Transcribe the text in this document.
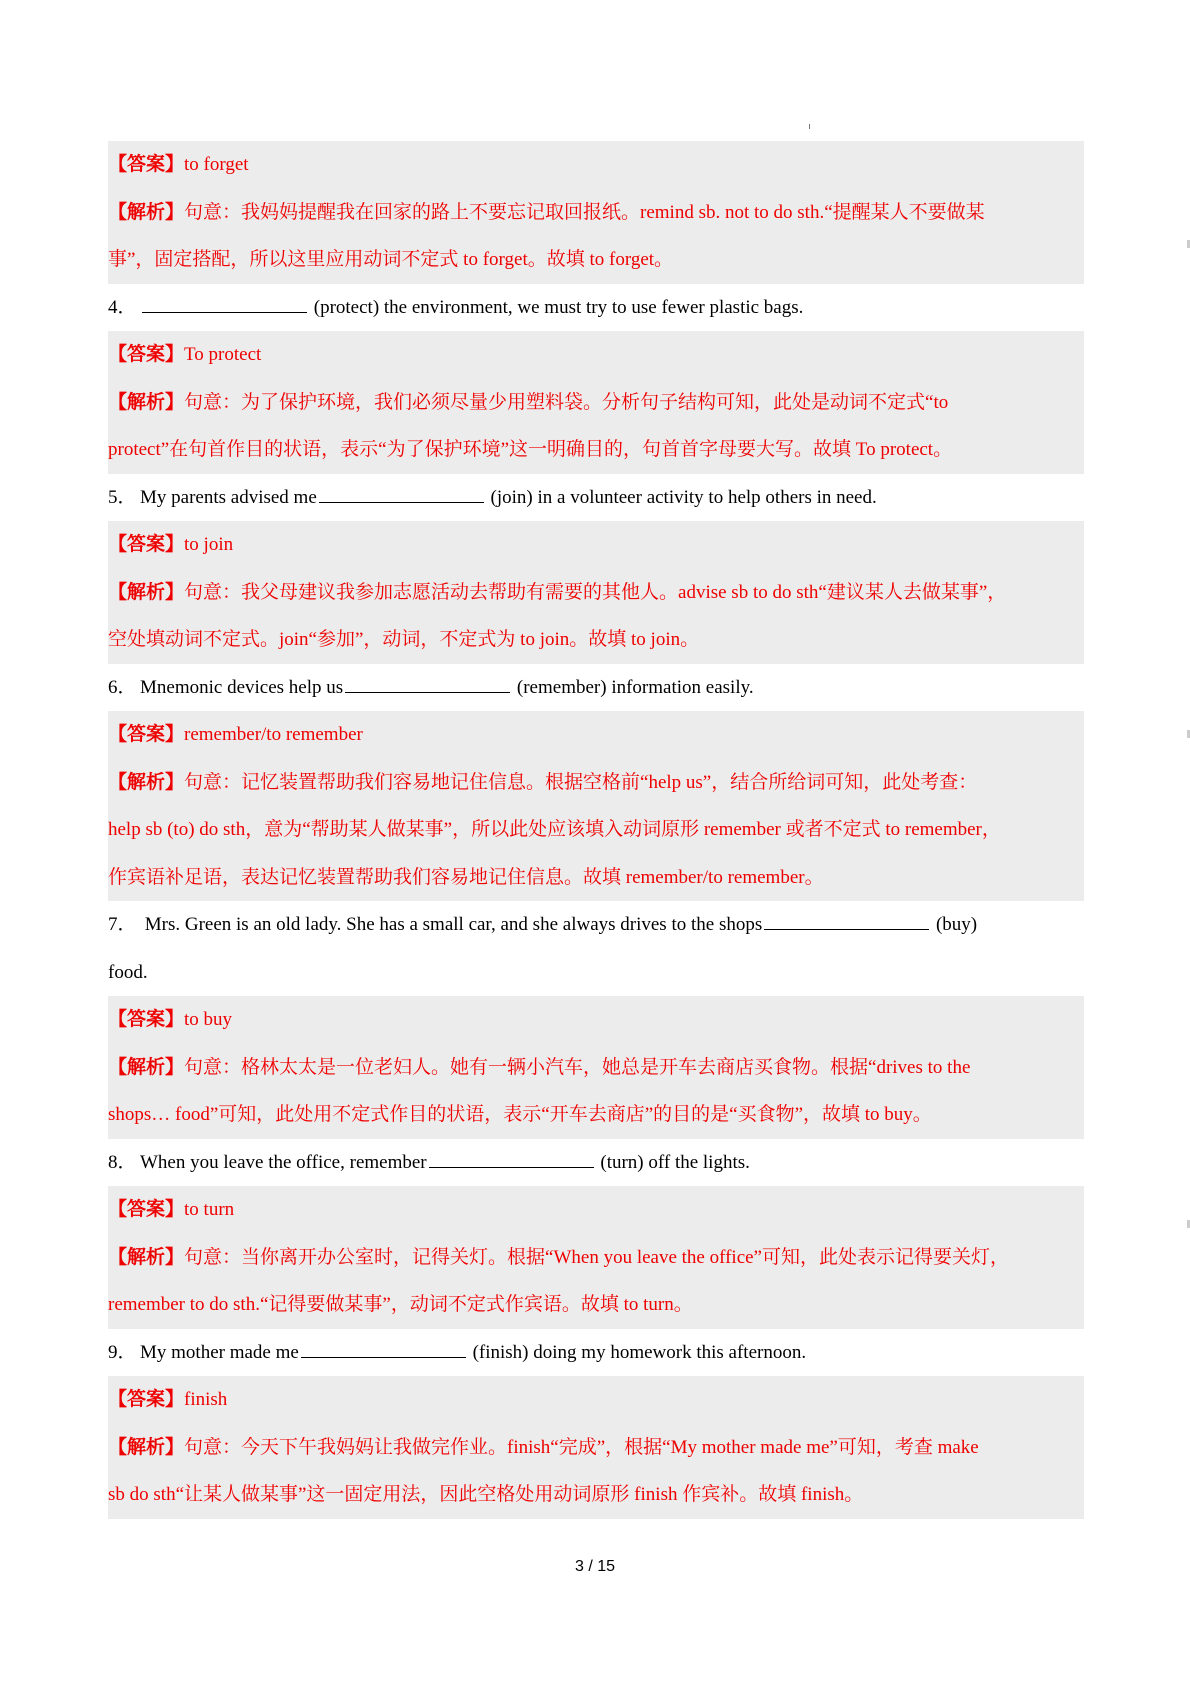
【答案】to forget
【解析】句意：我妈妈提醒我在回家的路上不要忘记取回报纸。remind sb. not to do sth.“提醒某人不要做某
事”，固定搭配，所以这里应用动词不定式 to forget。故填 to forget。
4．	(protect) the environment, we must try to use fewer plastic bags.
【答案】To protect
【解析】句意：为了保护环境，我们必须尽量少用塑料袋。分析句子结构可知，此处是动词不定式“to
protect”在句首作目的状语，表示“为了保护环境”这一明确目的，句首首字母要大写。故填 To protect。
5． My parents advised me	(join) in a volunteer activity to help others in need.
【答案】to join
【解析】句意：我父母建议我参加志愿活动去帮助有需要的其他人。advise sb to do sth“建议某人去做某事”，
空处填动词不定式。join“参加”，动词，不定式为 to join。故填 to join。
6． Mnemonic devices help us	(remember) information easily.
【答案】remember/to remember
【解析】句意：记忆装置帮助我们容易地记住信息。根据空格前“help us”，结合所给词可知，此处考查：
help sb (to) do sth，意为“帮助某人做某事”，所以此处应该填入动词原形 remember 或者不定式 to remember，
作宾语补足语，表达记忆装置帮助我们容易地记住信息。故填 remember/to remember。
7． Mrs. Green is an old lady. She has a small car, and she always drives to the shops	(buy)
food.
【答案】to buy
【解析】句意：格林太太是一位老妇人。她有一辆小汽车，她总是开车去商店买食物。根据“drives to the
shops… food”可知，此处用不定式作目的状语，表示“开车去商店”的目的是“买食物”，故填 to buy。
8． When you leave the office, remember	(turn) off the lights.
【答案】to turn
【解析】句意：当你离开办公室时，记得关灯。根据“When you leave the office”可知，此处表示记得要关灯，
remember to do sth.“记得要做某事”，动词不定式作宾语。故填 to turn。
9． My mother made me	(finish) doing my homework this afternoon.
【答案】finish
【解析】句意：今天下午我妈妈让我做完作业。finish“完成”，根据“My mother made me”可知，考查 make
sb do sth“让某人做某事”这一固定用法，因此空格处用动词原形 finish 作宾补。故填 finish。
3 / 15
